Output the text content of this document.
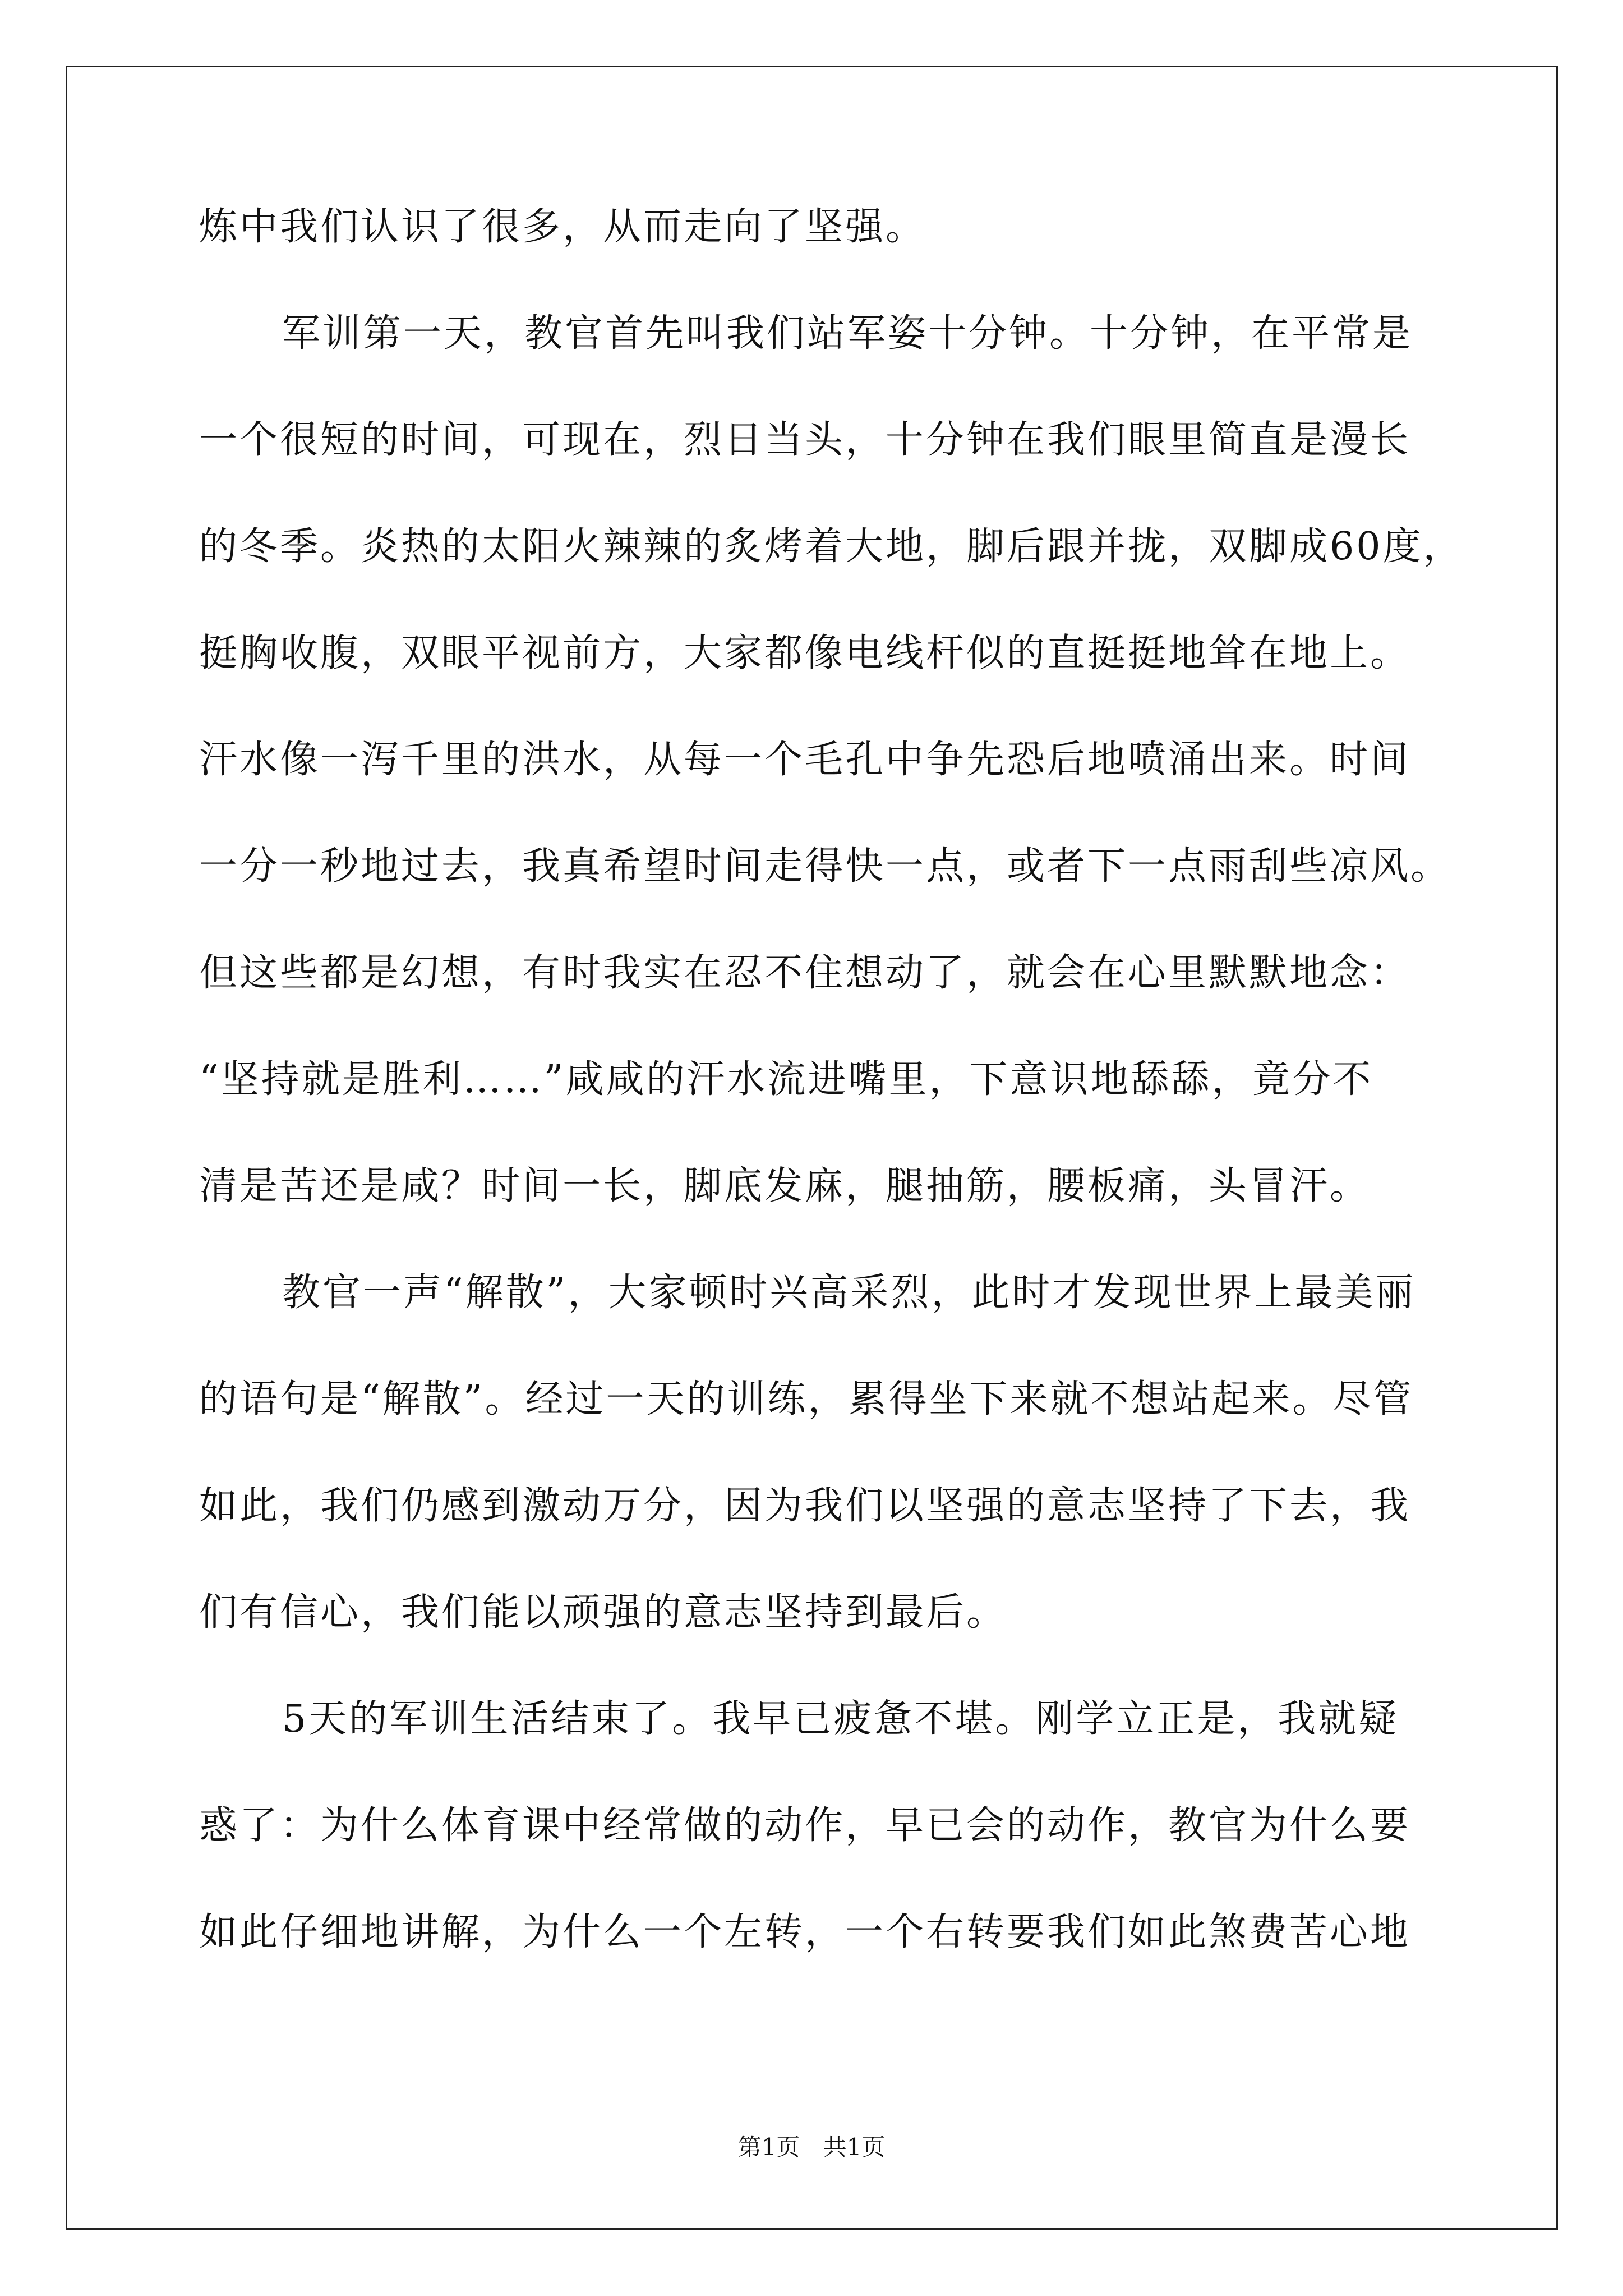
炼中我们认识了很多，从而走向了坚强。
军训第一天，教官首先叫我们站军姿十分钟。十分钟，在平常是
一个很短的时间，可现在，烈日当头，十分钟在我们眼里简直是漫长
的冬季。炎热的太阳火辣辣的炙烤着大地，脚后跟并拢，双脚成60度，
挺胸收腹，双眼平视前方，大家都像电线杆似的直挺挺地耸在地上。
汗水像一泻千里的洪水，从每一个毛孔中争先恐后地喷涌出来。时间
一分一秒地过去，我真希望时间走得快一点，或者下一点雨刮些凉风。
但这些都是幻想，有时我实在忍不住想动了，就会在心里默默地念：
“坚持就是胜利……”咸咸的汗水流进嘴里，下意识地舔舔，竟分不
清是苦还是咸？时间一长，脚底发麻，腿抽筋，腰板痛，头冒汗。
教官一声“解散”，大家顿时兴高采烈，此时才发现世界上最美丽
的语句是“解散”。经过一天的训练，累得坐下来就不想站起来。尽管
如此，我们仍感到激动万分，因为我们以坚强的意志坚持了下去，我
们有信心，我们能以顽强的意志坚持到最后。
5天的军训生活结束了。我早已疲惫不堪。刚学立正是，我就疑
惑了：为什么体育课中经常做的动作，早已会的动作，教官为什么要
如此仔细地讲解，为什么一个左转，一个右转要我们如此煞费苦心地
第1页 共1页
